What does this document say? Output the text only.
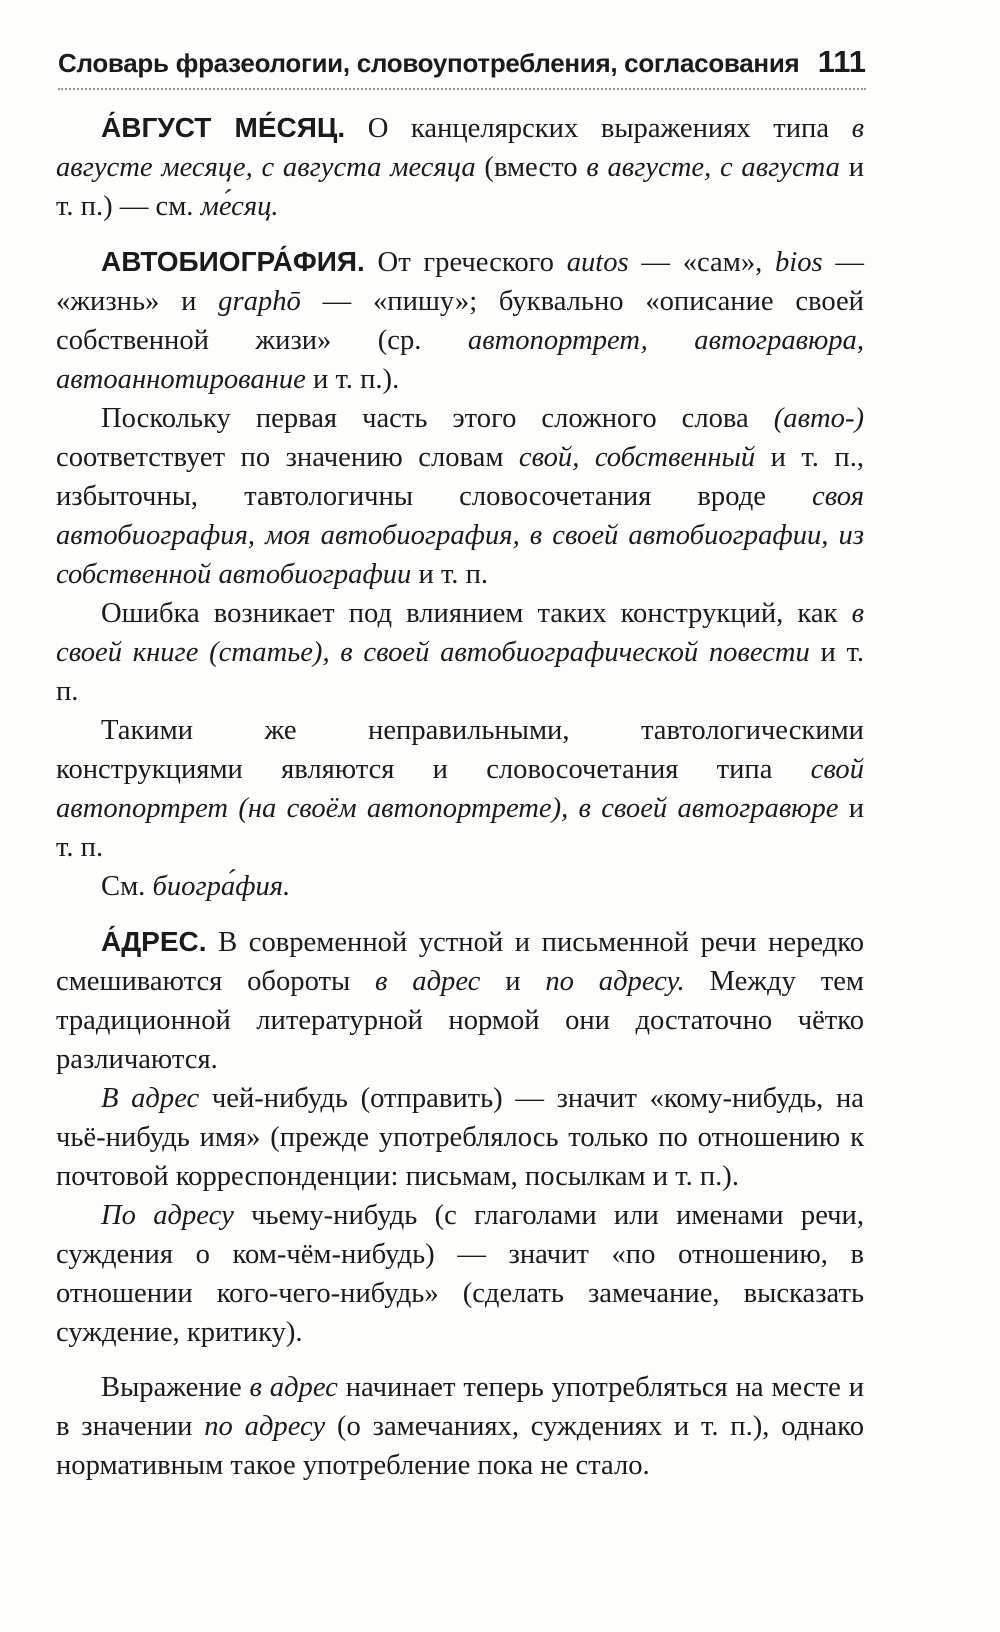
Словарь фразеологии, словоупотребления, согласования 111

А́ВГУСТ МЕ́СЯЦ. О канцелярских выражениях типа в августе месяце, с августа месяца (вместо в августе, с августа и т. п.) — см. ме́сяц.

АВТОБИОГРА́ФИЯ. От греческого autos — «сам», bios — «жизнь» и graphō — «пишу»; буквально «описание своей собственной жизи» (ср. автопортрет, автогравюра, автоаннотирование и т. п.).

Поскольку первая часть этого сложного слова (авто-) соответствует по значению словам свой, собственный и т. п., избыточны, тавтологичны словосочетания вроде своя автобиография, моя автобиография, в своей автобиографии, из собственной автобиографии и т. п.

Ошибка возникает под влиянием таких конструкций, как в своей книге (статье), в своей автобиографической повести и т. п.

Такими же неправильными, тавтологическими конструкциями являются и словосочетания типа свой автопортрет (на своём автопортрете), в своей автогравюре и т. п.

См. биогра́фия.

А́ДРЕС. В современной устной и письменной речи нередко смешиваются обороты в адрес и по адресу. Между тем традиционной литературной нормой они достаточно чётко различаются.

В адрес чей-нибудь (отправить) — значит «кому-нибудь, на чьё-нибудь имя» (прежде употреблялось только по отношению к почтовой корреспонденции: письмам, посылкам и т. п.).

По адресу чьему-нибудь (с глаголами или именами речи, суждения о ком-чём-нибудь) — значит «по отношению, в отношении кого-чего-нибудь» (сделать замечание, высказать суждение, критику).

Выражение в адрес начинает теперь употребляться на месте и в значении по адресу (о замечаниях, суждениях и т. п.), однако нормативным такое употребление пока не стало.
